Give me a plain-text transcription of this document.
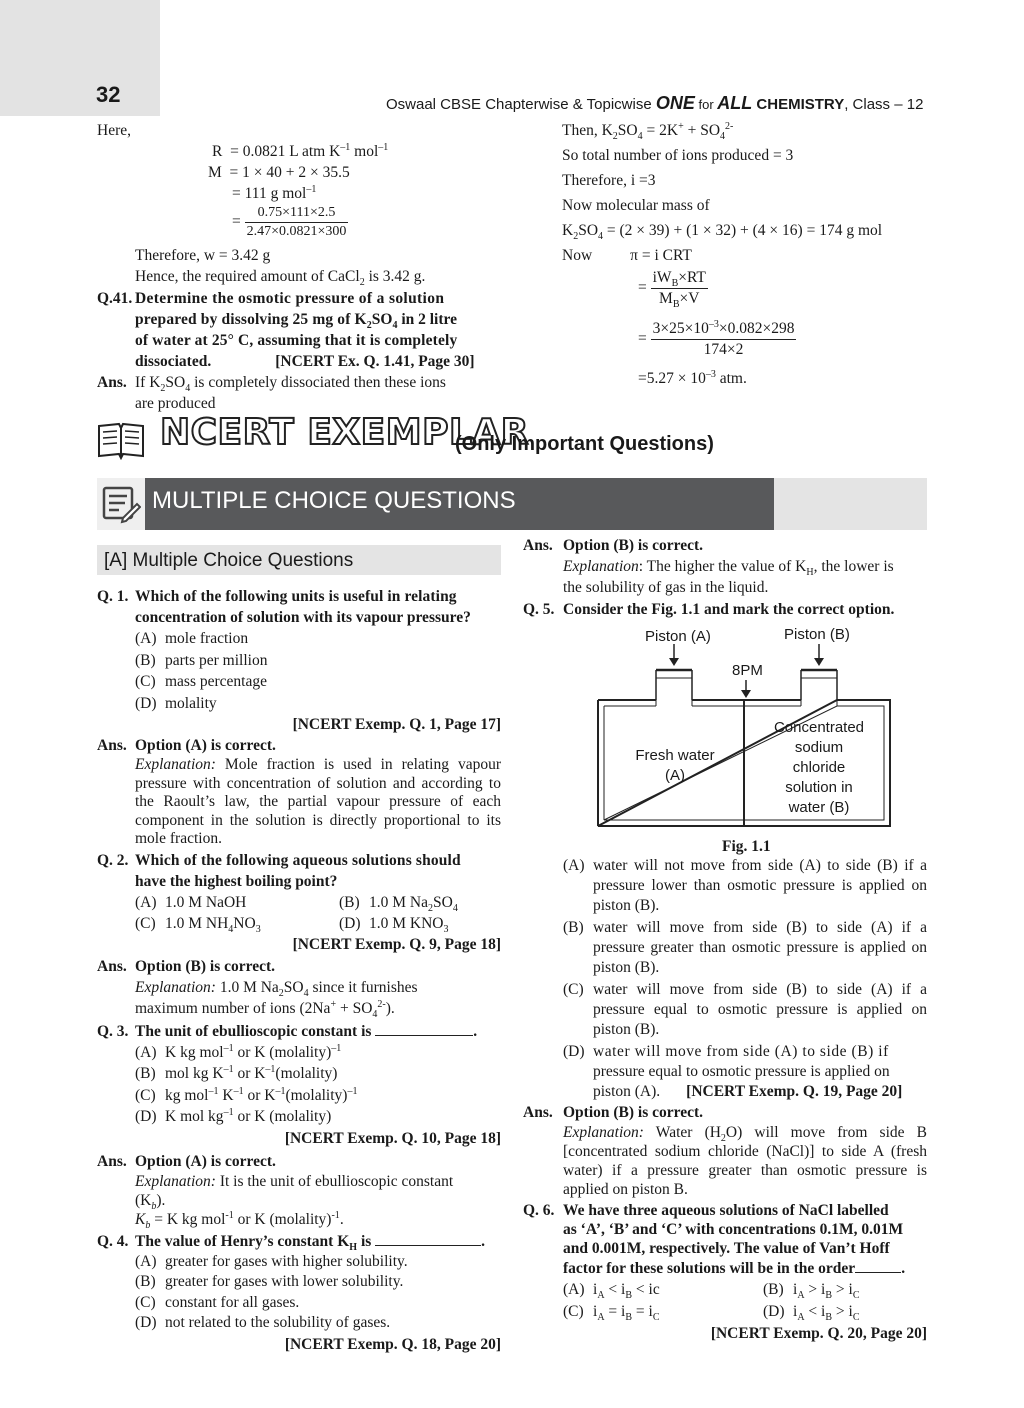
32	Oswaal CBSE Chapterwise & Topicwise ONE for ALL CHEMISTRY, Class – 12
Here,
R = 0.0821 L atm $K^{-1}$ mol$^{-1}$
M = 1 × 40 + 2 × 35.5
= 111 g mol$^{-1}$
= $\frac{0.75\times 111\times 2.5}{2.47\times 0.0821\times 300}$
Therefore, w = 3.42 g
Hence, the required amount of CaCl$_2$ is 3.42 g.
Q.41. Determine the osmotic pressure of a solution
prepared by dissolving 25 mg of $K_2SO_4$ in 2 litre
of water at 25° C, assuming that it is completely
dissociated.	[NCERT Ex. Q. 1.41, Page 30]
Ans. If $K_2SO_4$ is completely dissociated then these ions
are produced
Then, $K_2SO_4 = 2K^+ + SO_4^{2-}$
So total number of ions produced = 3
Therefore, i =3
Now molecular mass of
$K_2SO_4 = (2 \times 39) + (1 \times 32) + (4 \times 16) = 174$ g mol
Now π = i CRT
= $\frac{iW_B\times RT}{M_B\times V}$
= $\frac{3\times 25\times 10^{-3}\times 0.082\times 298}{174\times 2}$
$=5.27 \times 10^{-3}$ atm.
NCERT EXEMPLAR
(Only Important Questions)
MULTIPLE CHOICE QUESTIONS
[A] Multiple Choice Questions
Q. 1. Which of the following units is useful in relating
concentration of solution with its vapour pressure?
(A) mole fraction
(B) parts per million
(C) mass percentage
(D) molality
[NCERT Exemp. Q. 1, Page 17]
Ans. Option (A) is correct.
Explanation: Mole fraction is used in relating vapour pressure with concentration of solution and according to the Raoult’s law, the partial vapour pressure of each component in the solution is directly proportional to its mole fraction.
Q. 2. Which of the following aqueous solutions should
have the highest boiling point?
(A) 1.0 M NaOH	(B) 1.0 M $Na_2SO_4$
(C) 1.0 M $NH_4NO_3$	(D) 1.0 M $KNO_3$
[NCERT Exemp. Q. 9, Page 18]
Ans. Option (B) is correct.
Explanation: 1.0 M $Na_2SO_4$ since it furnishes
maximum number of ions $(2Na^+ + SO_4^{2-})$.
Q. 3. The unit of ebullioscopic constant is	.
(A) K kg mol$^{-1}$ or K (molality)$^{-1}$
(B) mol kg $K^{-1}$ or $K^{-1}(molality)$
(C) kg mol$^{-1}$ $K^{-1}$ or $K^{-1}(molality)^{-1}$
(D) K mol $kg^{-1}$ or K (molality)
[NCERT Exemp. Q. 10, Page 18]
Ans. Option (A) is correct.
Explanation: It is the unit of ebullioscopic constant
$(K_b)$.
$K_b = K$ kg mol$^{-1}$ or K (molality)$^{-1}$.
Q. 4. The value of Henry’s constant $K_H$ is	.
(A) greater for gases with higher solubility.
(B) greater for gases with lower solubility.
(C) constant for all gases.
(D) not related to the solubility of gases.
[NCERT Exemp. Q. 18, Page 20]
Ans. Option (B) is correct.
Explanation: The higher the value of $K_H$, the lower is
the solubility of gas in the liquid.
Q. 5. Consider the Fig. 1.1 and mark the correct option.
Piston (A)	Piston (B)
8PM
Fresh water
(A)
Concentrated
sodium
chloride
solution in
water (B)
Fig. 1.1
(A) water will not move from side (A) to side (B) if a pressure lower than osmotic pressure is applied on piston (B).
(B) water will move from side (B) to side (A) if a pressure greater than osmotic pressure is applied on piston (B).
(C) water will move from side (B) to side (A) if a pressure equal to osmotic pressure is applied on piston (B).
(D) water will move from side (A) to side (B) if
pressure equal to osmotic pressure is applied on
piston (A). [NCERT Exemp. Q. 19, Page 20]
Ans. Option (B) is correct.
Explanation: Water $(H_2O)$ will move from side B [concentrated sodium chloride (NaCl)] to side A (fresh water) if a pressure greater than osmotic pressure is applied on piston B.
Q. 6. We have three aqueous solutions of NaCl labelled
as ‘A’, ‘B’ and ‘C’ with concentrations 0.1M, 0.01M
and 0.001M, respectively. The value of Van’t Hoff
factor for these solutions will be in the order	.
(A) $i_A < i_B$ < ic	(B) $i_A > i_B > i_C$
(C) $i_A = i_B = i_C$	(D) $i_A < i_B > i_C$
[NCERT Exemp. Q. 20, Page 20]
